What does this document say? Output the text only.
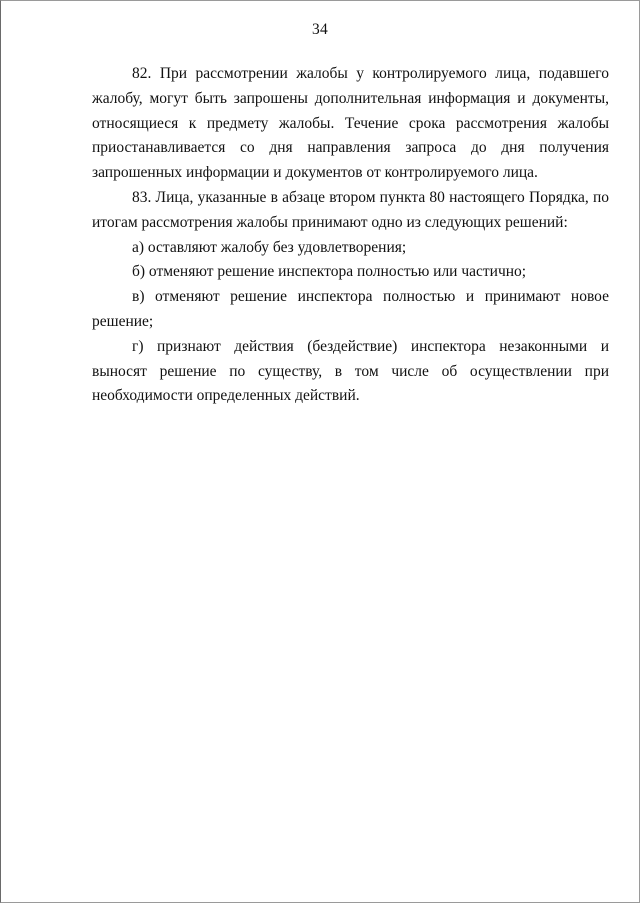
34

82. При рассмотрении жалобы у контролируемого лица, подавшего жалобу, могут быть запрошены дополнительная информация и документы, относящиеся к предмету жалобы. Течение срока рассмотрения жалобы приостанавливается со дня направления запроса до дня получения запрошенных информации и документов от контролируемого лица.

83. Лица, указанные в абзаце втором пункта 80 настоящего Порядка, по итогам рассмотрения жалобы принимают одно из следующих решений:

а) оставляют жалобу без удовлетворения;

б) отменяют решение инспектора полностью или частично;

в) отменяют решение инспектора полностью и принимают новое решение;

г) признают действия (бездействие) инспектора незаконными и выносят решение по существу, в том числе об осуществлении при необходимости определенных действий.
